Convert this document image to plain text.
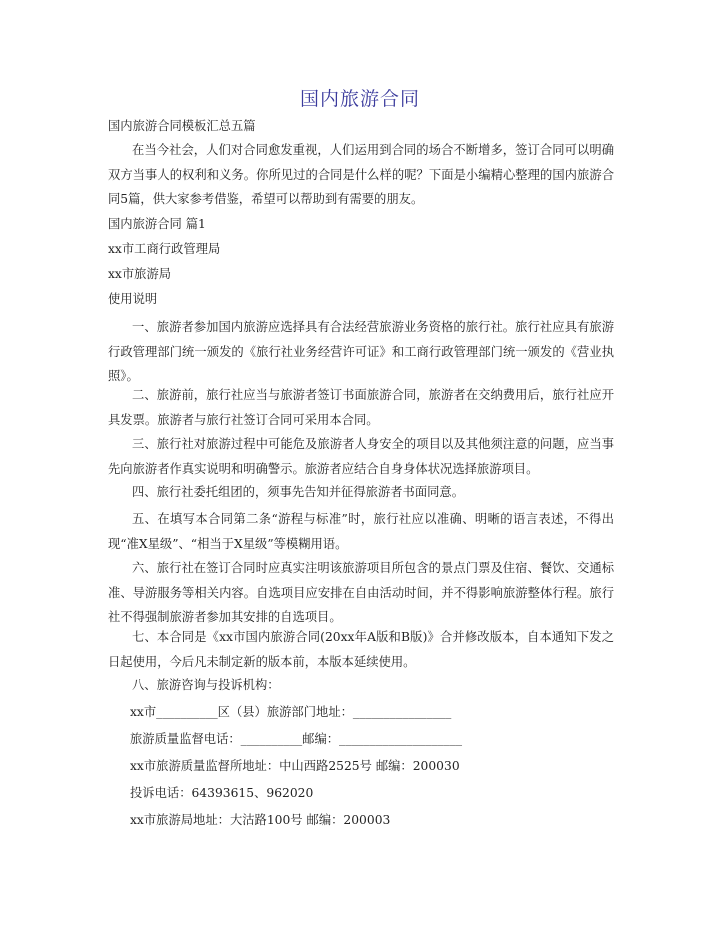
国内旅游合同
国内旅游合同模板汇总五篇
在当今社会，人们对合同愈发重视，人们运用到合同的场合不断增多，签订合同可以明确双方当事人的权利和义务。你所见过的合同是什么样的呢？下面是小编精心整理的国内旅游合同5篇，供大家参考借鉴，希望可以帮助到有需要的朋友。
国内旅游合同 篇1
xx市工商行政管理局
xx市旅游局
使用说明
一、旅游者参加国内旅游应选择具有合法经营旅游业务资格的旅行社。旅行社应具有旅游行政管理部门统一颁发的《旅行社业务经营许可证》和工商行政管理部门统一颁发的《营业执照》。
二、旅游前，旅行社应当与旅游者签订书面旅游合同，旅游者在交纳费用后，旅行社应开具发票。旅游者与旅行社签订合同可采用本合同。
三、旅行社对旅游过程中可能危及旅游者人身安全的项目以及其他须注意的问题，应当事先向旅游者作真实说明和明确警示。旅游者应结合自身身体状况选择旅游项目。
四、旅行社委托组团的，须事先告知并征得旅游者书面同意。
五、在填写本合同第二条“游程与标准”时，旅行社应以准确、明晰的语言表述，不得出现“准X星级”、“相当于X星级”等模糊用语。
六、旅行社在签订合同时应真实注明该旅游项目所包含的景点门票及住宿、餐饮、交通标准、导游服务等相关内容。自选项目应安排在自由活动时间，并不得影响旅游整体行程。旅行社不得强制旅游者参加其安排的自选项目。
七、本合同是《xx市国内旅游合同(20xx年A版和B版)》合并修改版本，自本通知下发之日起使用，今后凡未制定新的版本前，本版本延续使用。
八、旅游咨询与投诉机构：
xx市__________区（县）旅游部门地址：________________
旅游质量监督电话：__________邮编：____________________
xx市旅游质量监督所地址：中山西路2525号 邮编：200030
投诉电话：64393615、962020
xx市旅游局地址：大沽路100号 邮编：200003
